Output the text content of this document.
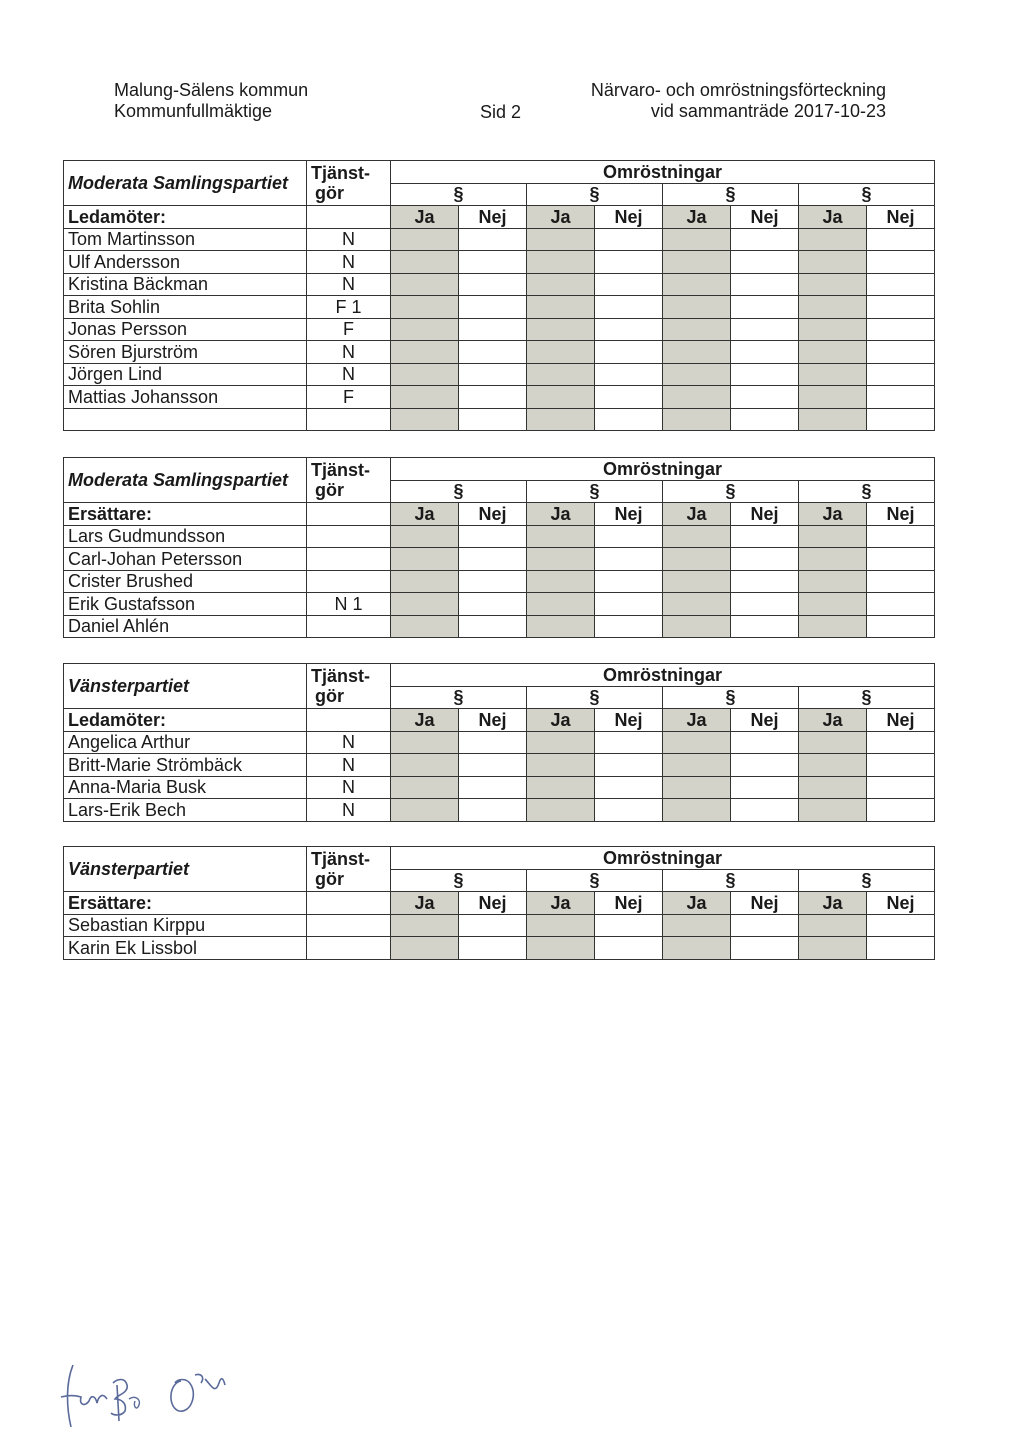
Malung-Sälens kommun
Kommunfullmäktige	Sid 2
Närvaro- och omröstningsförteckning
vid sammanträde 2017-10-23
Moderata Samlingspartiet	Tjänst-
gör	Omröstningar							
		§		§		§		§	
Ledamöter:		Ja	Nej	Ja	Nej	Ja	Nej	Ja	Nej
Tom Martinsson	N								
Ulf Andersson	N								
Kristina Bäckman	N								
Brita Sohlin	F 1								
Jonas Persson	F								
Sören Bjurström	N								
Jörgen Lind	N								
Mattias Johansson	F								

Moderata Samlingspartiet	Tjänst-
gör	Omröstningar							
		§		§		§		§	
Ersättare:		Ja	Nej	Ja	Nej	Ja	Nej	Ja	Nej
Lars Gudmundsson									
Carl-Johan Petersson									
Crister Brushed									
Erik Gustafsson	N 1								
Daniel Ahlén									
Vänsterpartiet	Tjänst-
gör	Omröstningar							
		§		§		§		§	
Ledamöter:		Ja	Nej	Ja	Nej	Ja	Nej	Ja	Nej
Angelica Arthur	N								
Britt-Marie Strömbäck	N								
Anna-Maria Busk	N								
Lars-Erik Bech	N								
Vänsterpartiet	Tjänst-
gör	Omröstningar							
		§		§		§		§	
Ersättare:		Ja	Nej	Ja	Nej	Ja	Nej	Ja	Nej
Sebastian Kirppu									
Karin Ek Lissbol									
